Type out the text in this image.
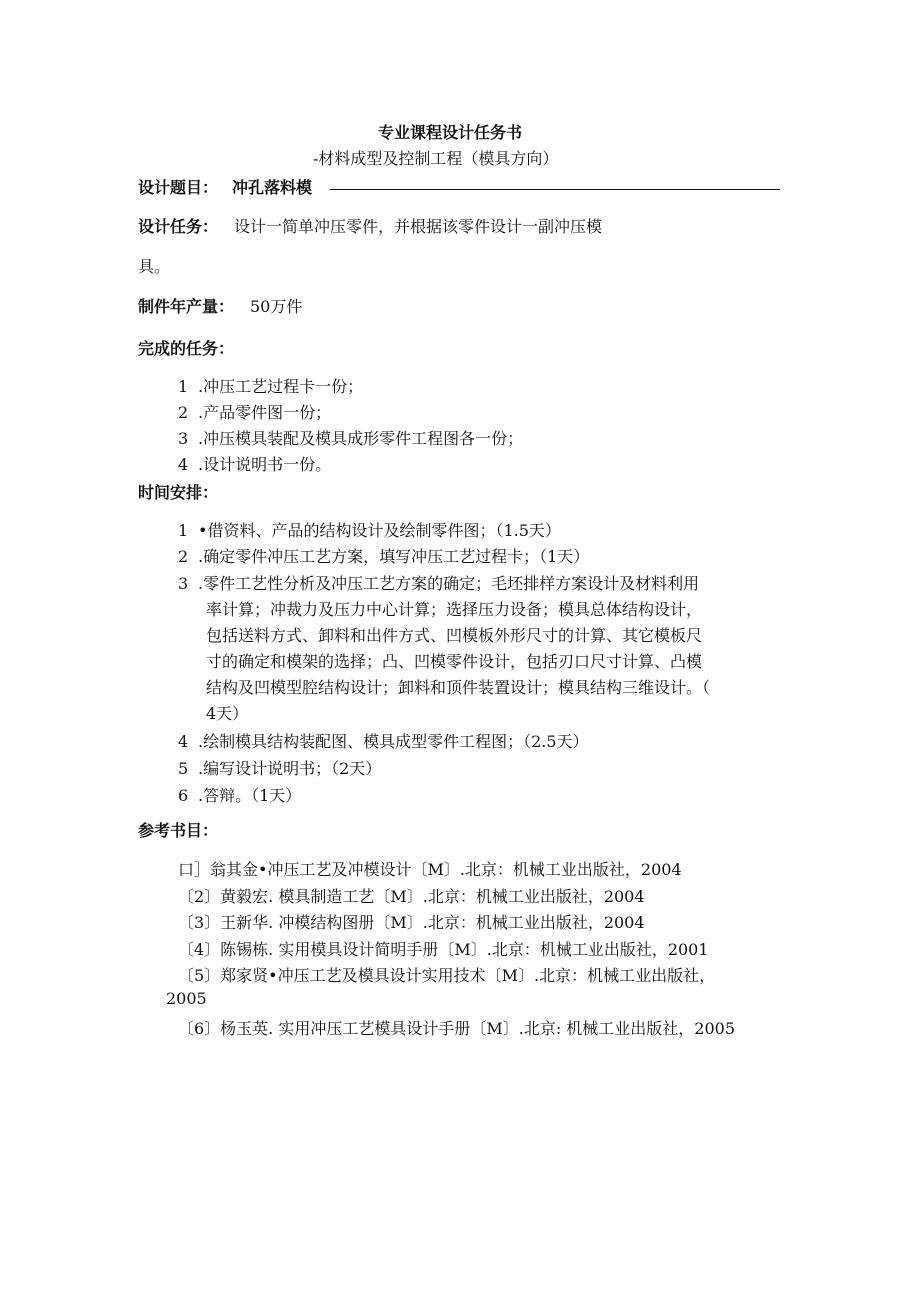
专业课程设计任务书
-材料成型及控制工程（模具方向）
设计题目： 冲孔落料模
设计任务： 设计一简单冲压零件，并根据该零件设计一副冲压模
具。
制件年产量： 50万件
完成的任务：
1 .冲压工艺过程卡一份；
2 .产品零件图一份；
3 .冲压模具装配及模具成形零件工程图各一份；
4 .设计说明书一份。
时间安排：
1 •借资料、产品的结构设计及绘制零件图；（1.5天）
2 .确定零件冲压工艺方案，填写冲压工艺过程卡；（1天）
3 .零件工艺性分析及冲压工艺方案的确定；毛坯排样方案设计及材料利用
率计算；冲裁力及压力中心计算；选择压力设备；模具总体结构设计，
包括送料方式、卸料和出件方式、凹模板外形尺寸的计算、其它模板尺
寸的确定和模架的选择；凸、凹模零件设计，包括刃口尺寸计算、凸模
结构及凹模型腔结构设计；卸料和顶件装置设计；模具结构三维设计。（
4天）
4 .绘制模具结构装配图、模具成型零件工程图；（2.5天）
5 .编写设计说明书；（2天）
6 .答辩。（1天）
参考书目：
口］翁其金•冲压工艺及冲模设计〔M〕.北京：机械工业出版社，2004
〔2〕黄毅宏. 模具制造工艺〔M〕.北京：机械工业出版社，2004
〔3〕王新华. 冲模结构图册〔M〕.北京：机械工业出版社，2004
〔4〕陈锡栋. 实用模具设计简明手册〔M〕.北京：机械工业出版社，2001
〔5〕郑家贤•冲压工艺及模具设计实用技术〔M〕.北京：机械工业出版社，
2005
〔6〕杨玉英. 实用冲压工艺模具设计手册〔M〕.北京: 机械工业出版社，2005
